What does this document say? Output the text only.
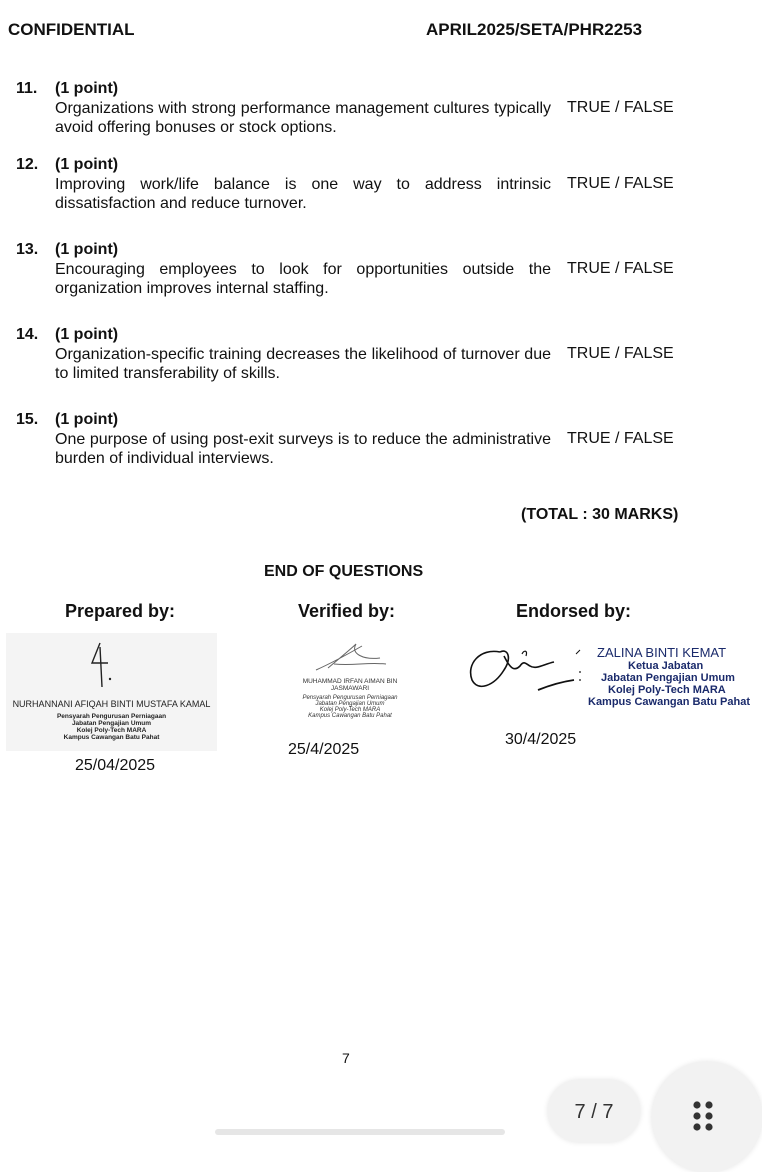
CONFIDENTIAL	APRIL2025/SETA/PHR2253
11. (1 point)
Organizations with strong performance management cultures typically avoid offering bonuses or stock options.
TRUE / FALSE
12. (1 point)
Improving work/life balance is one way to address intrinsic dissatisfaction and reduce turnover.
TRUE / FALSE
13. (1 point)
Encouraging employees to look for opportunities outside the organization improves internal staffing.
TRUE / FALSE
14. (1 point)
Organization-specific training decreases the likelihood of turnover due to limited transferability of skills.
TRUE / FALSE
15. (1 point)
One purpose of using post-exit surveys is to reduce the administrative burden of individual interviews.
TRUE / FALSE
(TOTAL : 30 MARKS)
END OF QUESTIONS
Prepared by:	Verified by:	Endorsed by:
NURHANNANI AFIQAH BINTI MUSTAFA KAMAL
Pensyarah Pengurusan Perniagaan
Jabatan Pengajian Umum
Kolej Poly-Tech MARA
Kampus Cawangan Batu Pahat
25/04/2025
MUHAMMAD IRFAN AIMAN BIN
JASMAWARI
Pensyarah Pengurusan Perniagaan
Jabatan Pengajian Umum
Kolej Poly-Tech MARA
Kampus Cawangan Batu Pahat
25/4/2025
ZALINA BINTI KEMAT
Ketua Jabatan
Jabatan Pengajian Umum
Kolej Poly-Tech MARA
Kampus Cawangan Batu Pahat
30/4/2025
7
7 / 7
